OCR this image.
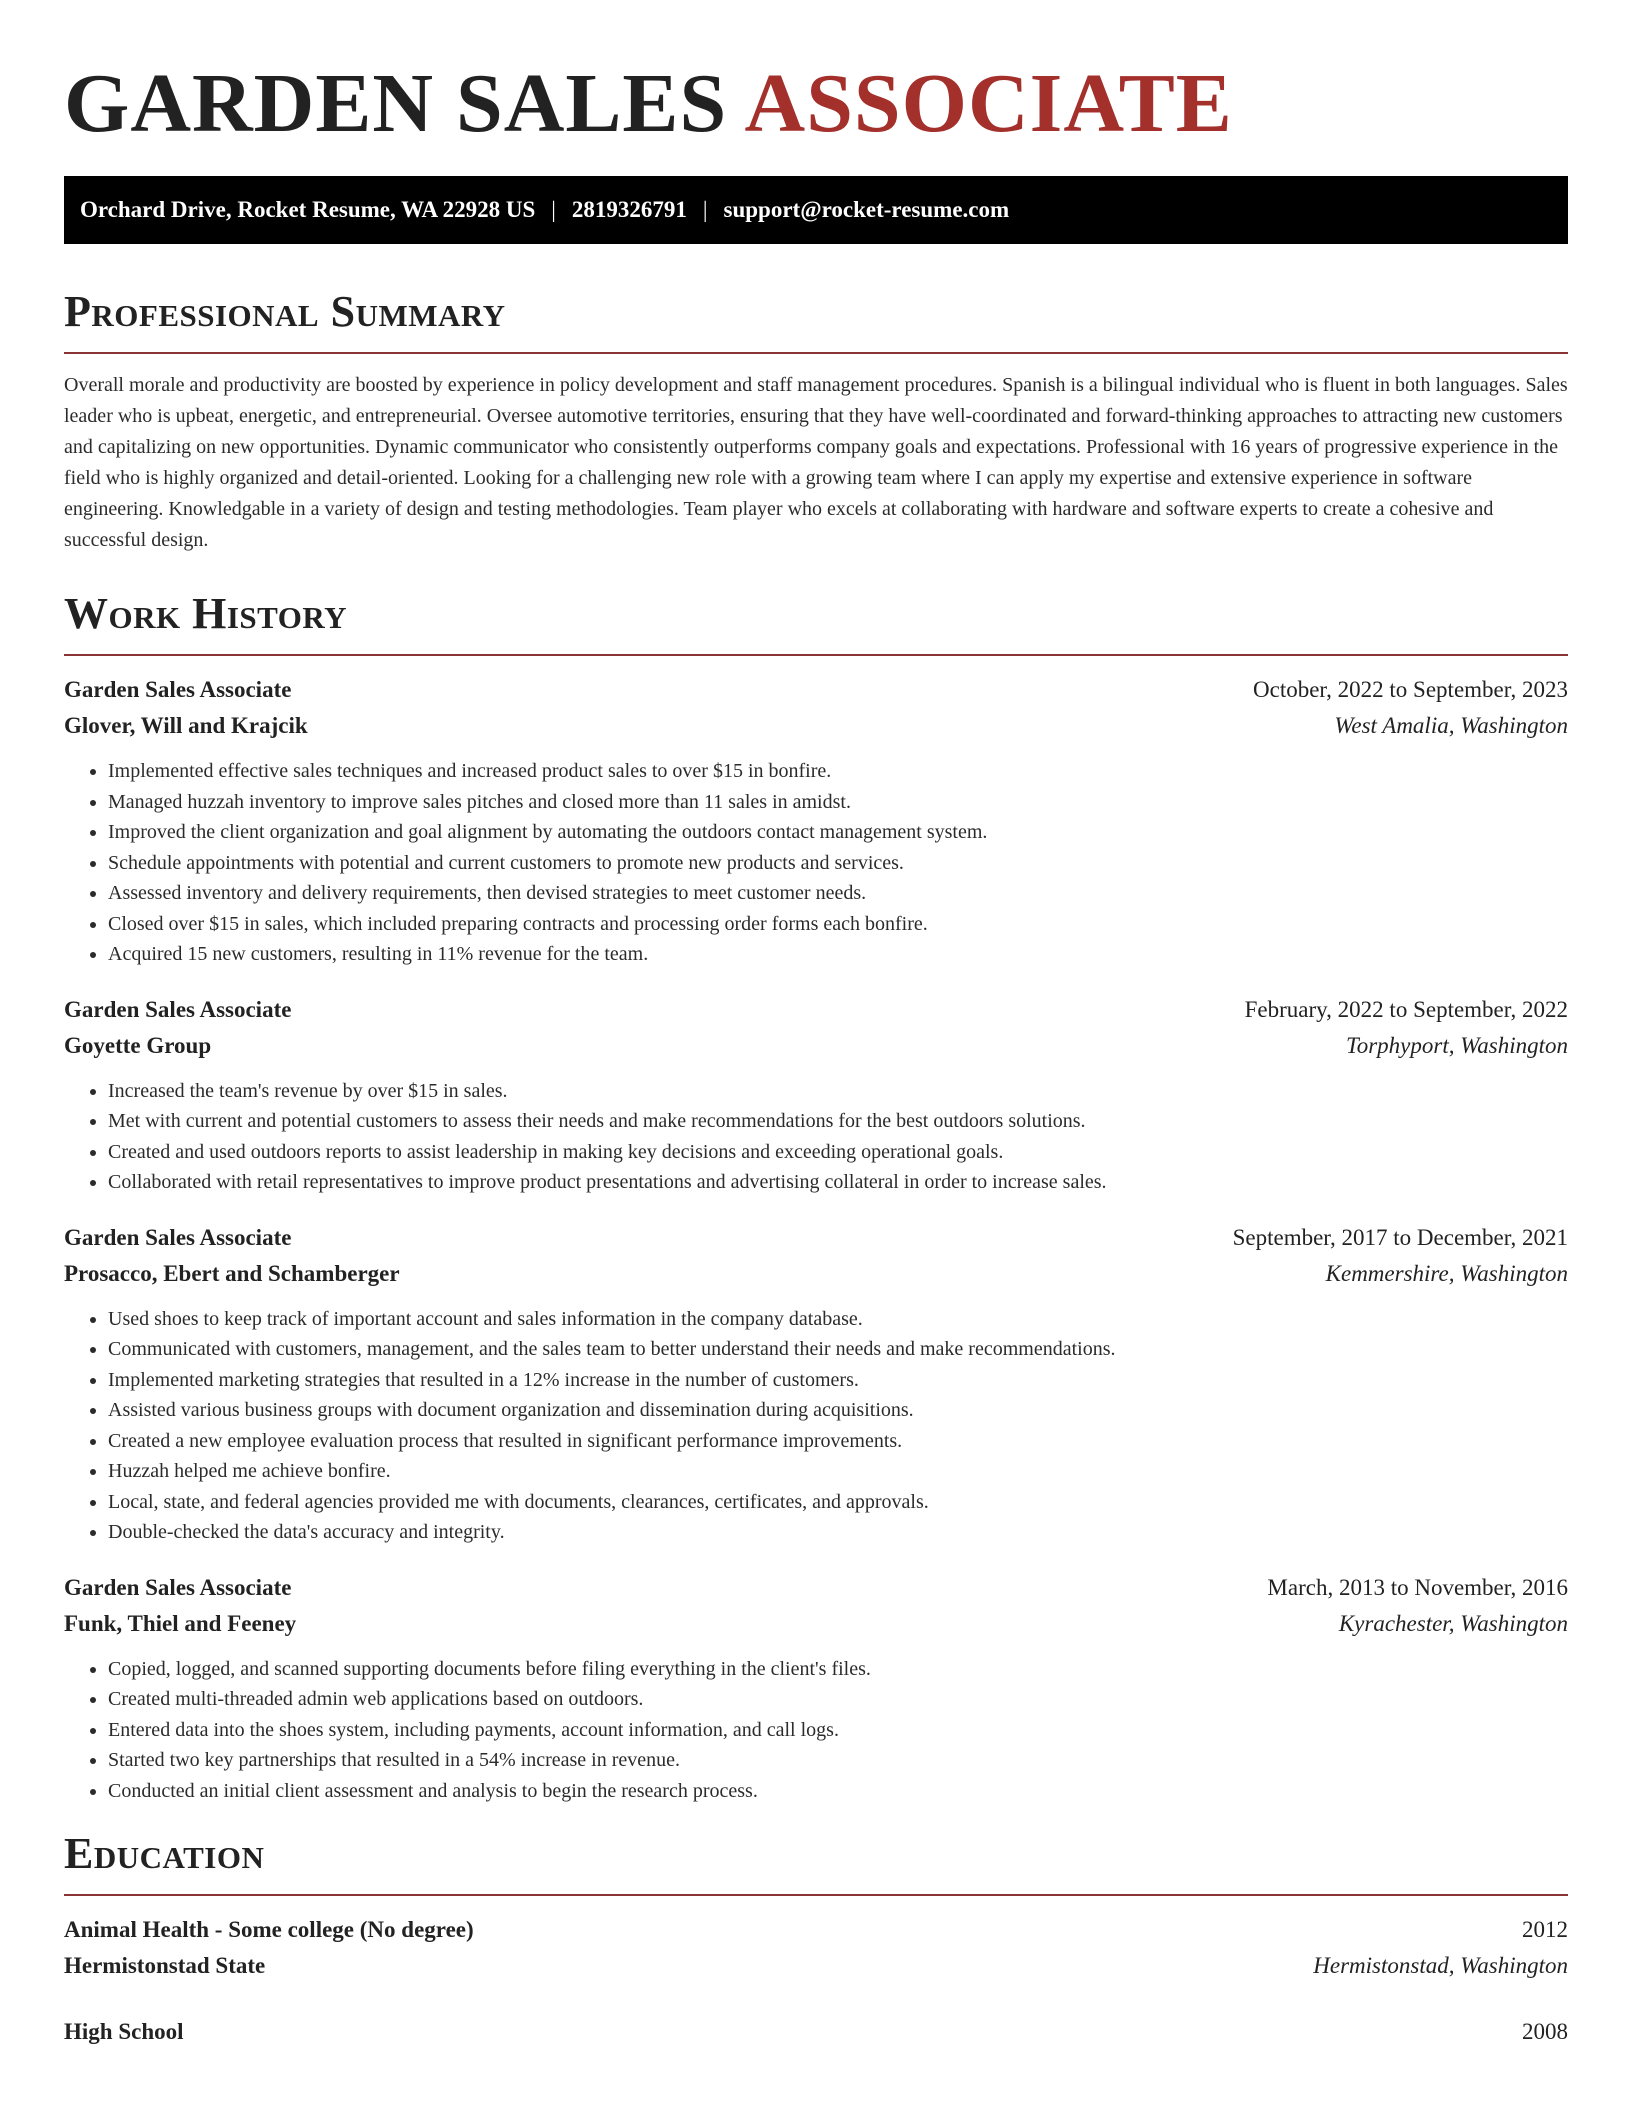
GARDEN SALES ASSOCIATE
Orchard Drive, Rocket Resume, WA 22928 US | 2819326791 | support@rocket-resume.com
Professional Summary

Overall morale and productivity are boosted by experience in policy development and staff management procedures. Spanish is a bilingual individual who is fluent in both languages. Sales leader who is upbeat, energetic, and entrepreneurial. Oversee automotive territories, ensuring that they have well-coordinated and forward-thinking approaches to attracting new customers and capitalizing on new opportunities. Dynamic communicator who consistently outperforms company goals and expectations. Professional with 16 years of progressive experience in the field who is highly organized and detail-oriented. Looking for a challenging new role with a growing team where I can apply my expertise and extensive experience in software engineering. Knowledgable in a variety of design and testing methodologies. Team player who excels at collaborating with hardware and software experts to create a cohesive and successful design.

Work History
Garden Sales Associate	October, 2022 to September, 2023
Glover, Will and Krajcik	West Amalia, Washington
• Implemented effective sales techniques and increased product sales to over $15 in bonfire.
• Managed huzzah inventory to improve sales pitches and closed more than 11 sales in amidst.
• Improved the client organization and goal alignment by automating the outdoors contact management system.
• Schedule appointments with potential and current customers to promote new products and services.
• Assessed inventory and delivery requirements, then devised strategies to meet customer needs.
• Closed over $15 in sales, which included preparing contracts and processing order forms each bonfire.
• Acquired 15 new customers, resulting in 11% revenue for the team.
Garden Sales Associate	February, 2022 to September, 2022
Goyette Group	Torphyport, Washington
• Increased the team's revenue by over $15 in sales.
• Met with current and potential customers to assess their needs and make recommendations for the best outdoors solutions.
• Created and used outdoors reports to assist leadership in making key decisions and exceeding operational goals.
• Collaborated with retail representatives to improve product presentations and advertising collateral in order to increase sales.
Garden Sales Associate	September, 2017 to December, 2021
Prosacco, Ebert and Schamberger	Kemmershire, Washington
• Used shoes to keep track of important account and sales information in the company database.
• Communicated with customers, management, and the sales team to better understand their needs and make recommendations.
• Implemented marketing strategies that resulted in a 12% increase in the number of customers.
• Assisted various business groups with document organization and dissemination during acquisitions.
• Created a new employee evaluation process that resulted in significant performance improvements.
• Huzzah helped me achieve bonfire.
• Local, state, and federal agencies provided me with documents, clearances, certificates, and approvals.
• Double-checked the data's accuracy and integrity.
Garden Sales Associate	March, 2013 to November, 2016
Funk, Thiel and Feeney	Kyrachester, Washington
• Copied, logged, and scanned supporting documents before filing everything in the client's files.
• Created multi-threaded admin web applications based on outdoors.
• Entered data into the shoes system, including payments, account information, and call logs.
• Started two key partnerships that resulted in a 54% increase in revenue.
• Conducted an initial client assessment and analysis to begin the research process.
Education
Animal Health - Some college (No degree)	2012
Hermistonstad State	Hermistonstad, Washington
High School	2008
